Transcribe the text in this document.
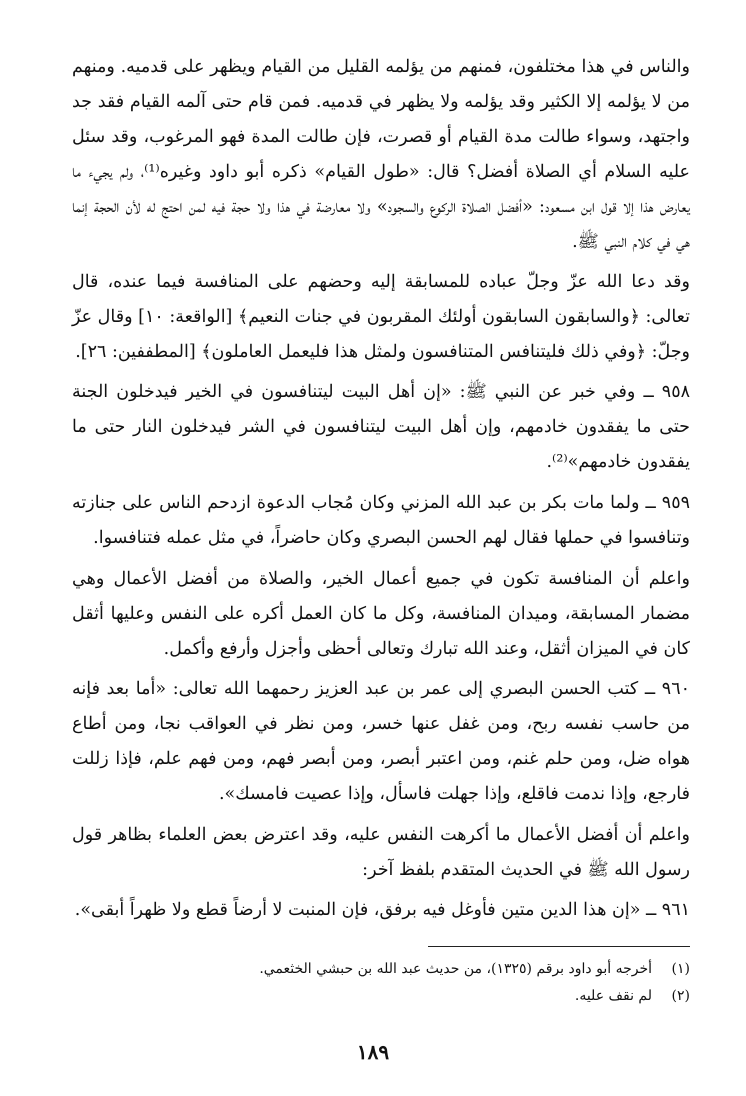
والناس في هذا مختلفون، فمنهم من يؤلمه القليل من القيام ويظهر على قدميه. ومنهم من لا يؤلمه إلا الكثير وقد يؤلمه ولا يظهر في قدميه. فمن قام حتى آلمه القيام فقد جد واجتهد، وسواء طالت مدة القيام أو قصرت، فإن طالت المدة فهو المرغوب، وقد سئل عليه السلام أي الصلاة أفضل؟ قال: «طول القيام» ذكره أبو داود وغيره⁽¹⁾، ولم يجيء ما يعارض هذا إلا قول ابن مسعود: «أفضل الصلاة الركوع والسجود» ولا معارضة في هذا ولا حجة فيه لمن احتج له لأن الحجة إنما هي في كلام النبي ﷺ.

وقد دعا الله عزّ وجلّ عباده للمسابقة إليه وحضهم على المنافسة فيما عنده، قال تعالى: ﴿والسابقون السابقون أولئك المقربون في جنات النعيم﴾ [الواقعة: ١٠] وقال عزّ وجلّ: ﴿وفي ذلك فليتنافس المتنافسون ولمثل هذا فليعمل العاملون﴾ [المطففين: ٢٦].

٩٥٨ ــ وفي خبر عن النبي ﷺ: «إن أهل البيت ليتنافسون في الخير فيدخلون الجنة حتى ما يفقدون خادمهم، وإن أهل البيت ليتنافسون في الشر فيدخلون النار حتى ما يفقدون خادمهم»⁽²⁾.

٩٥٩ ــ ولما مات بكر بن عبد الله المزني وكان مُجاب الدعوة ازدحم الناس على جنازته وتنافسوا في حملها فقال لهم الحسن البصري وكان حاضراً، في مثل عمله فتنافسوا.

واعلم أن المنافسة تكون في جميع أعمال الخير، والصلاة من أفضل الأعمال وهي مضمار المسابقة، وميدان المنافسة، وكل ما كان العمل أكره على النفس وعليها أثقل كان في الميزان أثقل، وعند الله تبارك وتعالى أحظى وأجزل وأرفع وأكمل.

٩٦٠ ــ كتب الحسن البصري إلى عمر بن عبد العزيز رحمهما الله تعالى: «أما بعد فإنه من حاسب نفسه ربح، ومن غفل عنها خسر، ومن نظر في العواقب نجا، ومن أطاع هواه ضل، ومن حلم غنم، ومن اعتبر أبصر، ومن أبصر فهم، ومن فهم علم، فإذا زللت فارجع، وإذا ندمت فاقلع، وإذا جهلت فاسأل، وإذا عصيت فامسك».

واعلم أن أفضل الأعمال ما أكرهت النفس عليه، وقد اعترض بعض العلماء بظاهر قول رسول الله ﷺ في الحديث المتقدم بلفظ آخر:

٩٦١ ــ «إن هذا الدين متين فأوغل فيه برفق، فإن المنبت لا أرضاً قطع ولا ظهراً أبقى».

(١)
أخرجه أبو داود برقم (١٣٢٥)، من حديث عبد الله بن حبشي الخثعمي.
(٢)
لم نقف عليه.
١٨٩
